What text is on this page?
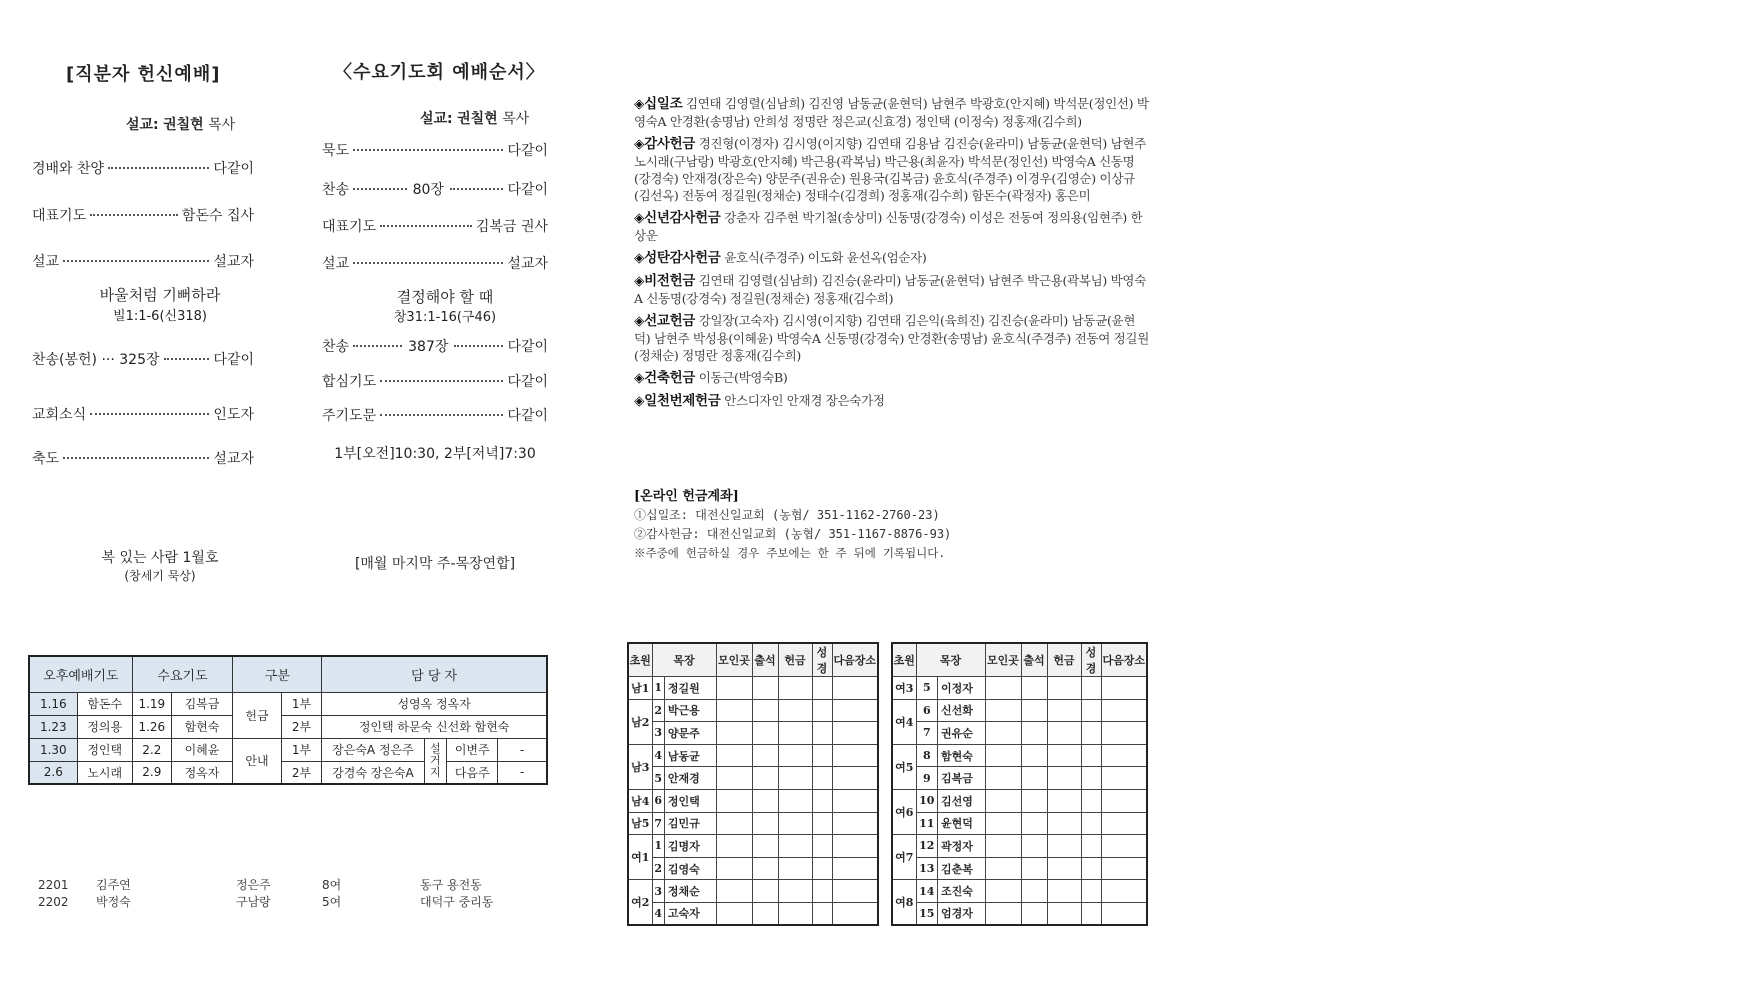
[직분자 헌신예배]
설교: 권칠현 목사
경배와 찬양	다같이
대표기도	함돈수 집사
설교	설교자
찬송(봉헌) ··· 325장	다같이
교회소식	인도자
축도	설교자
바울처럼 기뻐하라
빌1:1-6(신318)
복 있는 사람 1월호
(창세기 묵상)
〈수요기도회 예배순서〉
설교: 권칠현 목사
묵도	다같이
찬송	80장	다같이
대표기도	김복금 권사
설교	설교자
찬송	387장	다같이
합심기도	다같이
주기도문	다같이
결정해야 할 때
창31:1-16(구46)
1부[오전]10:30, 2부[저녁]7:30
[매월 마지막 주-목장연합]
◈십일조 김연태 김영렬(심남희) 김진영 남동균(윤현덕) 남현주 박광호(안지혜) 박석문(정인선) 박영숙A 안경환(송명남) 안희성 정명란 정은교(신효경) 정인택 (이정숙) 정홍재(김수희)
◈감사헌금 경진형(이경자) 김시영(이지향) 김연태 김용남 김진승(윤라미) 남동균(윤현덕) 남현주 노시래(구남랑) 박광호(안지혜) 박근용(곽복님) 박근용(최윤자) 박석문(정인선) 박영숙A 신동명(강경숙) 안재경(장은숙) 양문주(권유순) 원용국(김복금) 윤호식(주경주) 이경우(김영순) 이상규(김선옥) 전동여 정길원(정채순) 정태수(김경희) 정홍재(김수희) 함돈수(곽정자) 홍은미
◈신년감사헌금 강춘자 김주현 박기철(송상미) 신동명(강경숙) 이성은 전동여 정의용(임현주) 한상운
◈성탄감사헌금 윤호식(주경주) 이도화 윤선옥(엄순자)
◈비전헌금 김연태 김영렬(심남희) 김진승(윤라미) 남동균(윤현덕) 남현주 박근용(곽복님) 박영숙A 신동명(강경숙) 정길원(정채순) 정홍재(김수희)
◈선교헌금 강일장(고숙자) 김시영(이지향) 김연태 김은익(육희진) 김진승(윤라미) 남동균(윤현덕) 남현주 박성용(이혜윤) 박영숙A 신동명(강경숙) 안경환(송명남) 윤호식(주경주) 전동여 정길원(정채순) 정명란 정홍재(김수희)
◈건축헌금 이동근(박영숙B)
◈일천번제헌금 안스디자인 안재경 장은숙가정
[온라인 헌금계좌]
①십일조: 대전신일교회 (농협/ 351-1162-2760-23)
②감사헌금: 대전신일교회 (농협/ 351-1167-8876-93)
※주중에 헌금하실 경우 주보에는 한 주 뒤에 기록됩니다.
오후예배기도		수요기도		구분		담 당 자			
1.16	함돈수	1.19	김복금	헌금	1부	성영옥 정옥자			
1.23	정의용	1.26	함현숙		2부	정인택 하문숙 신선화 함현숙			
1.30	정인택	2.2	이혜윤	안내	1부	장은숙A 정은주	설거지	이변주	-
2.6	노시래	2.9	정옥자		2부	강경숙 장은숙A		다음주	-
초원	목장		모인곳	출석	헌금	성경	다음장소
남1	1	정길원					
남2	2	박근용					
	3	양문주					
남3	4	남동균					
	5	안재경					
남4	6	정인택					
남5	7	김민규					
여1	1	김명자					
	2	김영숙					
여2	3	정채순					
	4	고숙자					
초원	목장		모인곳	출석	헌금	성경	다음장소
여3	5	이정자					
여4	6	신선화					
	7	권유순					
여5	8	함현숙					
	9	김복금					
여6	10	김선영					
	11	윤현덕					
여7	12	곽정자					
	13	김춘복					
여8	14	조진숙					
	15	엄경자					
2201 김주연	정은주	8여	동구 용전동
2202 박정숙	구남랑	5여	대덕구 중리동
